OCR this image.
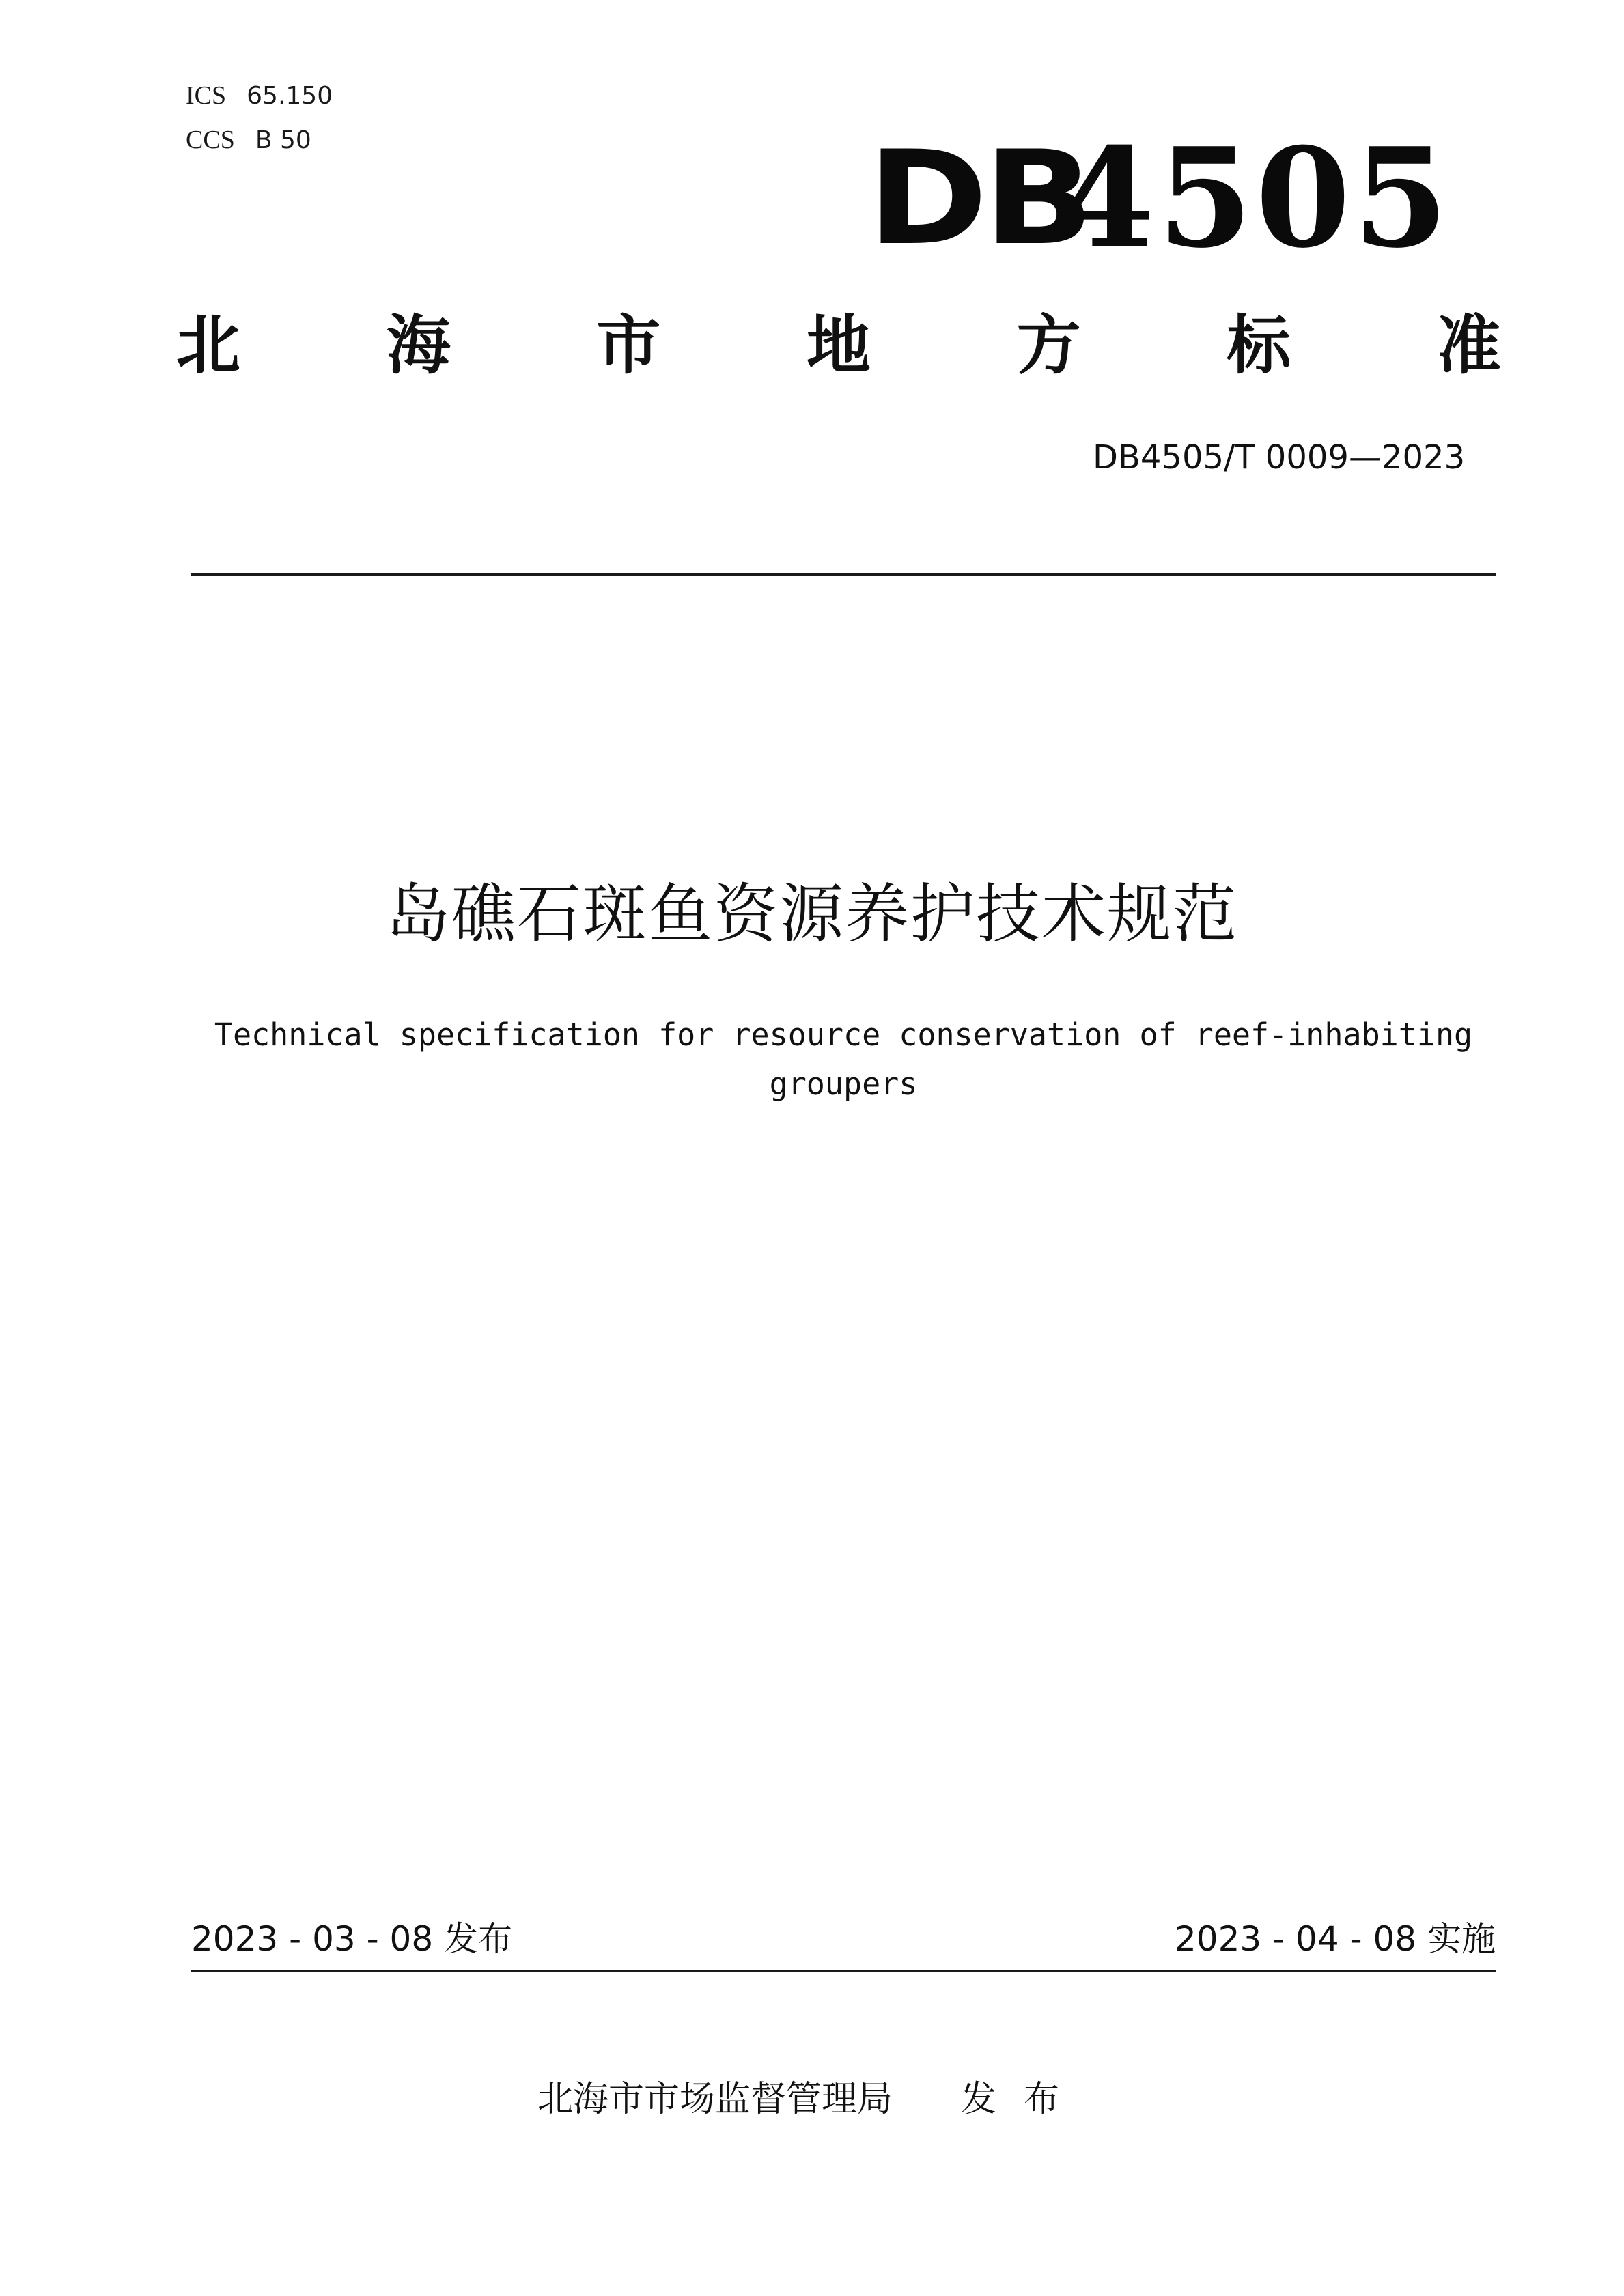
ICS 65.150
CCS B 50	DB
4505
北 海 市 地 方 标 准
DB4505/T 0009—2023
岛礁石斑鱼资源养护技术规范
Technical specification for resource conservation of reef-inhabiting
groupers
2023 - 03 - 08 发布	2023 - 04 - 08 实施
北海市市场监督管理局 发布
